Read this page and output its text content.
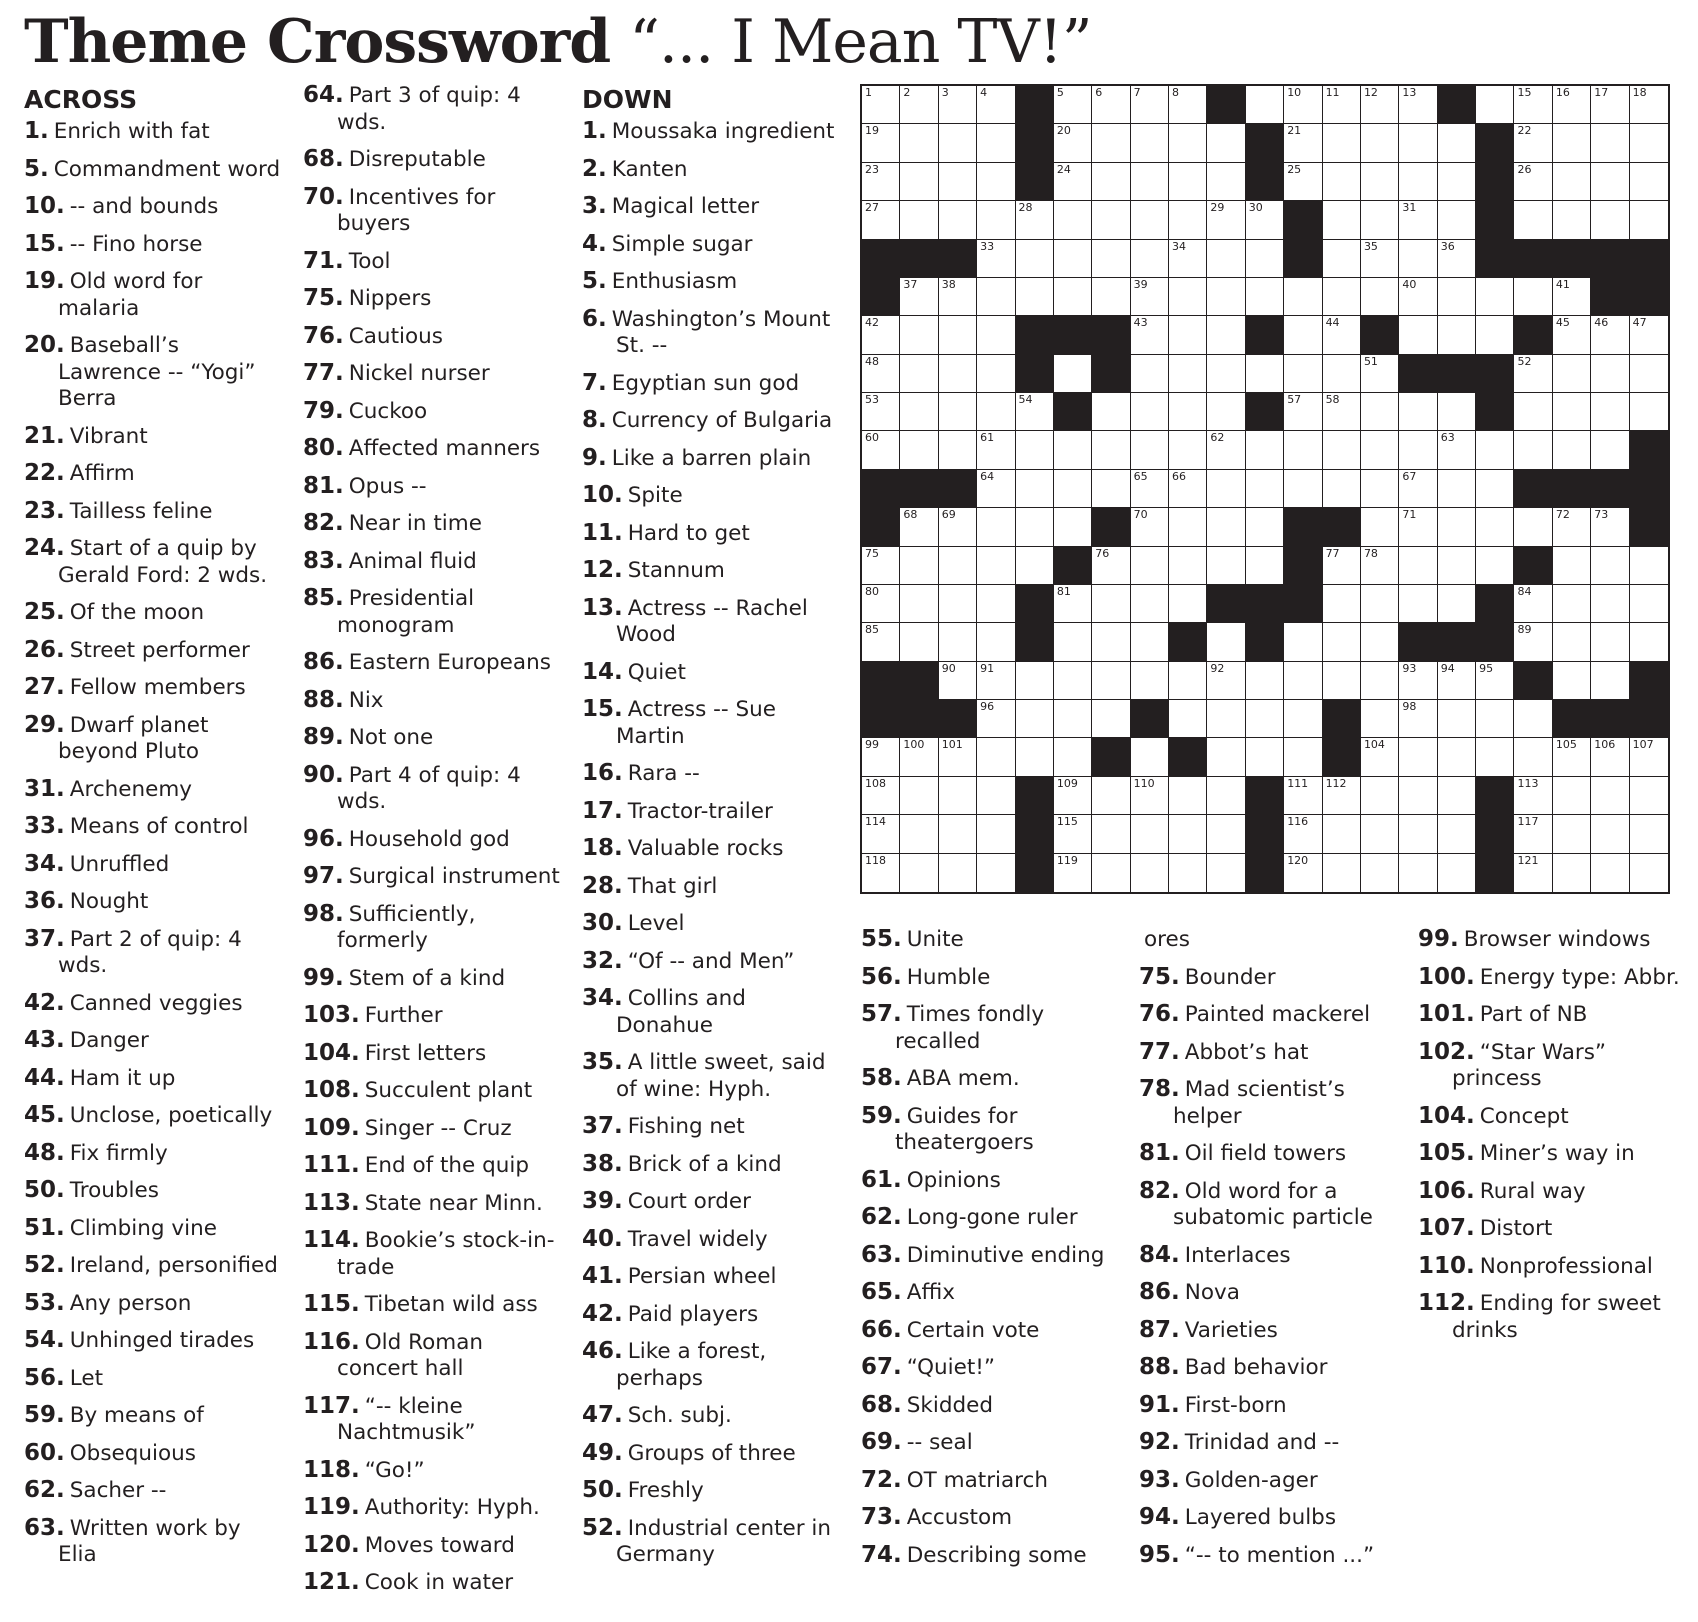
Theme Crossword “... I Mean TV!”
ACROSS
1. Enrich with fat
5. Commandment word
10. -- and bounds
15. -- Fino horse
19. Old word for malaria
20. Baseball’s Lawrence -- “Yogi” Berra
21. Vibrant
22. Affirm
23. Tailless feline
24. Start of a quip by Gerald Ford: 2 wds.
25. Of the moon
26. Street performer
27. Fellow members
29. Dwarf planet beyond Pluto
31. Archenemy
33. Means of control
34. Unruffled
36. Nought
37. Part 2 of quip: 4 wds.
42. Canned veggies
43. Danger
44. Ham it up
45. Unclose, poetically
48. Fix firmly
50. Troubles
51. Climbing vine
52. Ireland, personified
53. Any person
54. Unhinged tirades
56. Let
59. By means of
60. Obsequious
62. Sacher --
63. Written work by Elia
64. Part 3 of quip: 4 wds.
68. Disreputable
70. Incentives for buyers
71. Tool
75. Nippers
76. Cautious
77. Nickel nurser
79. Cuckoo
80. Affected manners
81. Opus --
82. Near in time
83. Animal fluid
85. Presidential monogram
86. Eastern Europeans
88. Nix
89. Not one
90. Part 4 of quip: 4 wds.
96. Household god
97. Surgical instrument
98. Sufficiently, formerly
99. Stem of a kind
103. Further
104. First letters
108. Succulent plant
109. Singer -- Cruz
111. End of the quip
113. State near Minn.
114. Bookie’s stock-in-trade
115. Tibetan wild ass
116. Old Roman concert hall
117. “-- kleine Nachtmusik”
118. “Go!”
119. Authority: Hyph.
120. Moves toward
121. Cook in water
DOWN
1. Moussaka ingredient
2. Kanten
3. Magical letter
4. Simple sugar
5. Enthusiasm
6. Washington’s Mount St. --
7. Egyptian sun god
8. Currency of Bulgaria
9. Like a barren plain
10. Spite
11. Hard to get
12. Stannum
13. Actress -- Rachel Wood
14. Quiet
15. Actress -- Sue Martin
16. Rara --
17. Tractor-trailer
18. Valuable rocks
28. That girl
30. Level
32. “Of -- and Men”
34. Collins and Donahue
35. A little sweet, said of wine: Hyph.
37. Fishing net
38. Brick of a kind
39. Court order
40. Travel widely
41. Persian wheel
42. Paid players
46. Like a forest, perhaps
47. Sch. subj.
49. Groups of three
50. Freshly
52. Industrial center in Germany
55. Unite
56. Humble
57. Times fondly recalled
58. ABA mem.
59. Guides for theatergoers
61. Opinions
62. Long-gone ruler
63. Diminutive ending
65. Affix
66. Certain vote
67. “Quiet!”
68. Skidded
69. -- seal
72. OT matriarch
73. Accustom
74. Describing some
ores
75. Bounder
76. Painted mackerel
77. Abbot’s hat
78. Mad scientist’s helper
81. Oil field towers
82. Old word for a subatomic particle
84. Interlaces
86. Nova
87. Varieties
88. Bad behavior
91. First-born
92. Trinidad and --
93. Golden-ager
94. Layered bulbs
95. “-- to mention ...”
99. Browser windows
100. Energy type: Abbr.
101. Part of NB
102. “Star Wars” princess
104. Concept
105. Miner’s way in
106. Rural way
107. Distort
110. Nonprofessional
112. Ending for sweet drinks
1	2	3	4	5	6	7	8	10 11 12 13	15 16 17 18
19	20	21	22
23	24	25	26
27	28	29 30	31
33	34	35	36
37 38	39	40	41
42	43	44	45 46 47
48	51	52
53	54	57 58
60	61	62	63
64	65 66	67
68 69	70	71	72 73
75	76	77 78
80	81	84
85	89
90 91	92	93 94 95
96	98
99 100 101	104	105 106 107
108	109	110	111 112	113
114	115	116	117
118	119	120	121
